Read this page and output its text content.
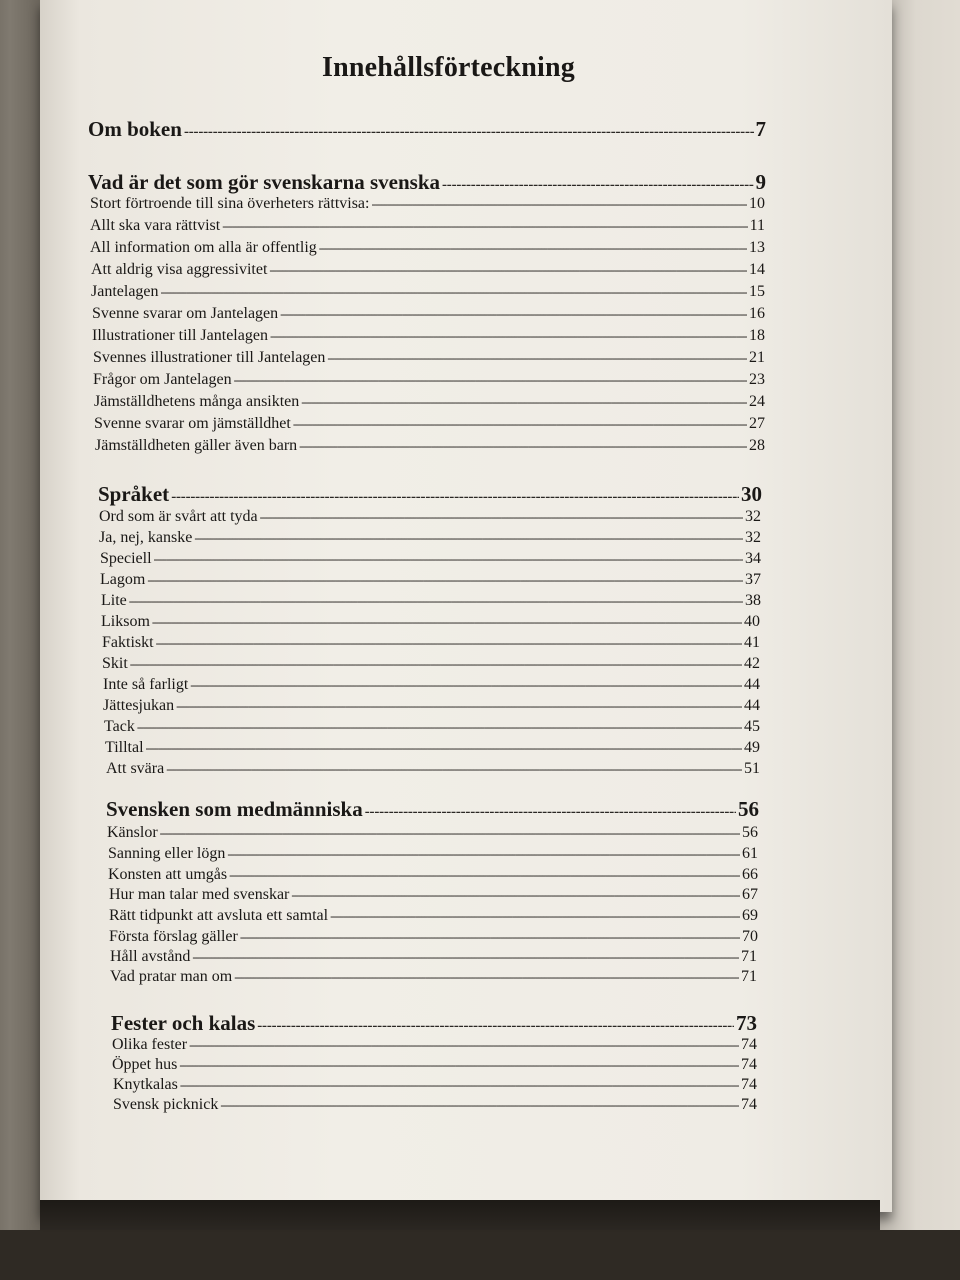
Innehållsförteckning
Om boken -----	7
Vad är det som gör svenskarna svenska -----	9
Stort förtroende till sina överheters rättvisa: -----	10
Allt ska vara rättvist -----	11
All information om alla är offentlig -----	13
Att aldrig visa aggressivitet -----	14
Jantelagen -----	15
Svenne svarar om Jantelagen -----	16
Illustrationer till Jantelagen -----	18
Svennes illustrationer till Jantelagen -----	21
Frågor om Jantelagen -----	23
Jämställdhetens många ansikten -----	24
Svenne svarar om jämställdhet -----	27
Jämställdheten gäller även barn -----	28
Språket -----	30
Ord som är svårt att tyda -----	32
Ja, nej, kanske -----	32
Speciell -----	34
Lagom -----	37
Lite -----	38
Liksom -----	40
Faktiskt -----	41
Skit -----	42
Inte så farligt -----	44
Jättesjukan -----	44
Tack -----	45
Tilltal -----	49
Att svära -----	51
Svensken som medmänniska -----	56
Känslor -----	56
Sanning eller lögn -----	61
Konsten att umgås -----	66
Hur man talar med svenskar -----	67
Rätt tidpunkt att avsluta ett samtal -----	69
Första förslag gäller -----	70
Håll avstånd -----	71
Vad pratar man om -----	71
Fester och kalas -----	73
Olika fester -----	74
Öppet hus -----	74
Knytkalas -----	74
Svensk picknick -----	74
